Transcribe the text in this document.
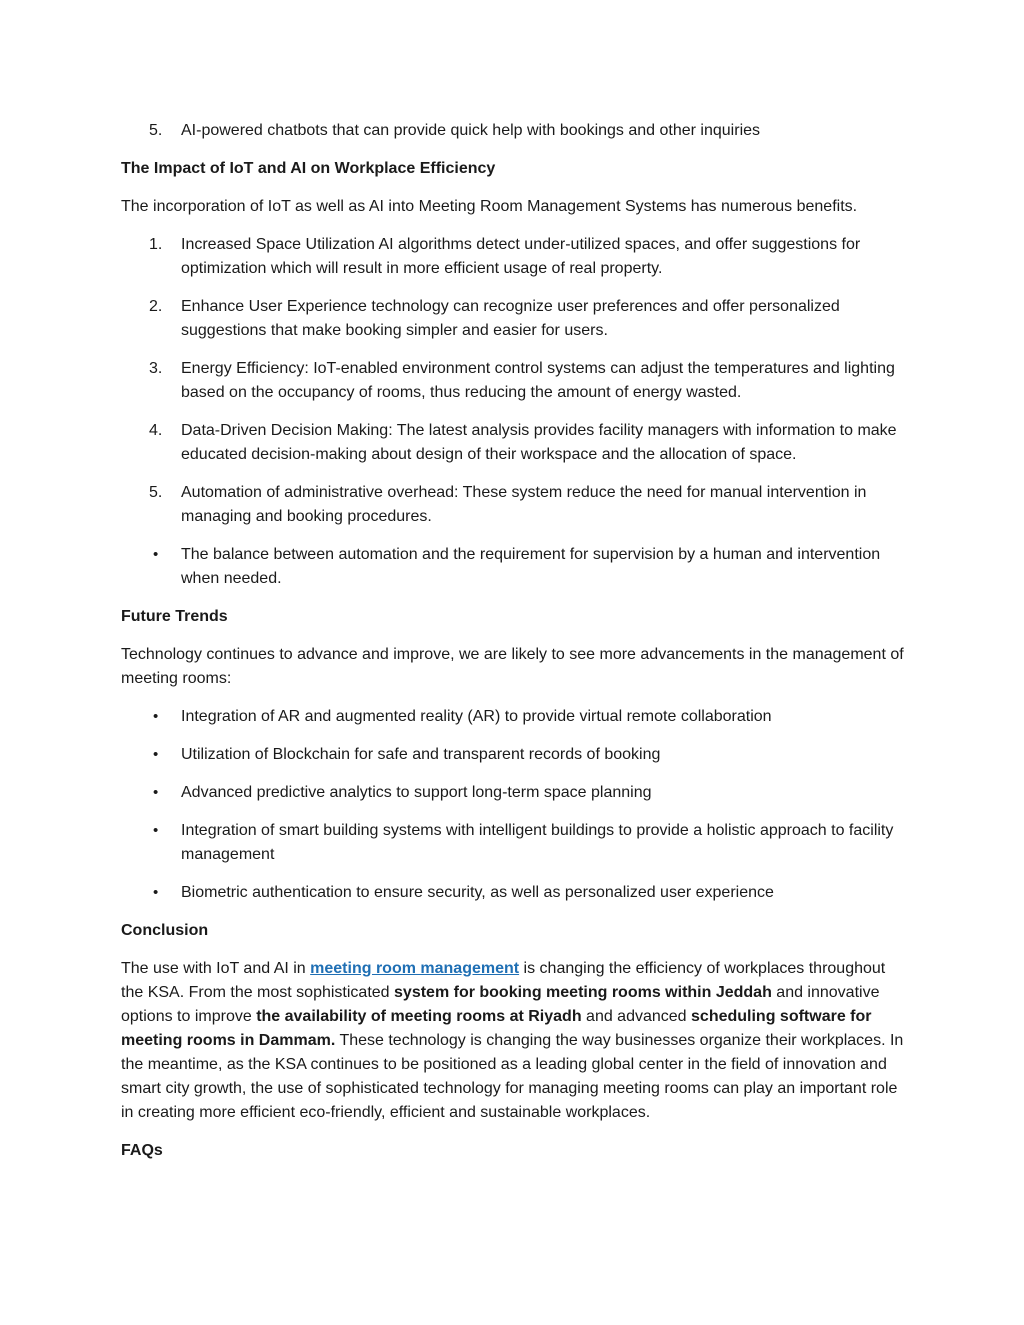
5.	AI-powered chatbots that can provide quick help with bookings and other inquiries

The Impact of IoT and AI on Workplace Efficiency

The incorporation of IoT as well as AI into Meeting Room Management Systems has numerous benefits.

1.	Increased Space Utilization AI algorithms detect under-utilized spaces, and offer suggestions for optimization which will result in more efficient usage of real property.
2.	Enhance User Experience technology can recognize user preferences and offer personalized suggestions that make booking simpler and easier for users.
3.	Energy Efficiency: IoT-enabled environment control systems can adjust the temperatures and lighting based on the occupancy of rooms, thus reducing the amount of energy wasted.
4.	Data-Driven Decision Making: The latest analysis provides facility managers with information to make educated decision-making about design of their workspace and the allocation of space.
5.	Automation of administrative overhead: These system reduce the need for manual intervention in managing and booking procedures.
•	The balance between automation and the requirement for supervision by a human and intervention when needed.

Future Trends

Technology continues to advance and improve, we are likely to see more advancements in the management of meeting rooms:

•	Integration of AR and augmented reality (AR) to provide virtual remote collaboration
•	Utilization of Blockchain for safe and transparent records of booking
•	Advanced predictive analytics to support long-term space planning
•	Integration of smart building systems with intelligent buildings to provide a holistic approach to facility management
•	Biometric authentication to ensure security, as well as personalized user experience

Conclusion

The use with IoT and AI in meeting room management is changing the efficiency of workplaces throughout the KSA. From the most sophisticated system for booking meeting rooms within Jeddah and innovative options to improve the availability of meeting rooms at Riyadh and advanced scheduling software for meeting rooms in Dammam. These technology is changing the way businesses organize their workplaces. In the meantime, as the KSA continues to be positioned as a leading global center in the field of innovation and smart city growth, the use of sophisticated technology for managing meeting rooms can play an important role in creating more efficient eco-friendly, efficient and sustainable workplaces.

FAQs
